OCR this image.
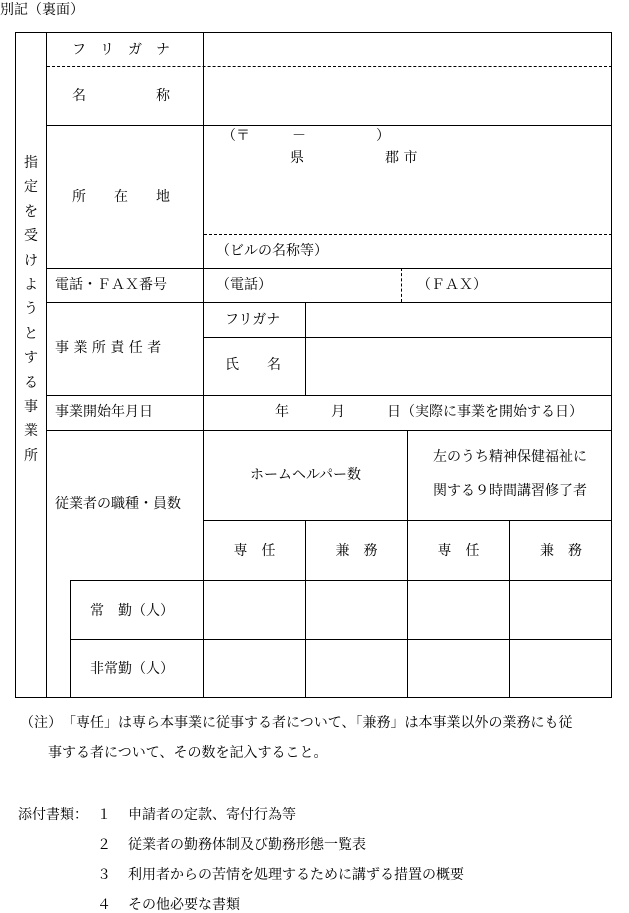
別記（裏面）
指
定
を
受
け
よ
う
と
す
る
事
業
所
フ　リ　ガ　ナ
名　　　　　称
所　　在　　地
（〒　　　－　　　　　）
県	郡 市
（ビルの名称等）
電話・ＦＡＸ番号	（電話）	（ＦＡＸ）
事 業 所 責 任 者
フリガナ
氏　　名
事業開始年月日	年　　　月　　　日（実際に事業を開始する日）
従業者の職種・員数
ホームヘルパー数
左のうち精神保健福祉に
関する９時間講習修了者
専　任	兼　務	専　任	兼　務
常　勤（人）
非常勤（人）
（注）　「専任」は専ら本事業に従事する者について、「兼務」は本事業以外の業務にも従
事する者について、その数を記入すること。
添付書類： １ 申請者の定款、寄付行為等
２ 従業者の勤務体制及び勤務形態一覧表
３ 利用者からの苦情を処理するために講ずる措置の概要
４ その他必要な書類
